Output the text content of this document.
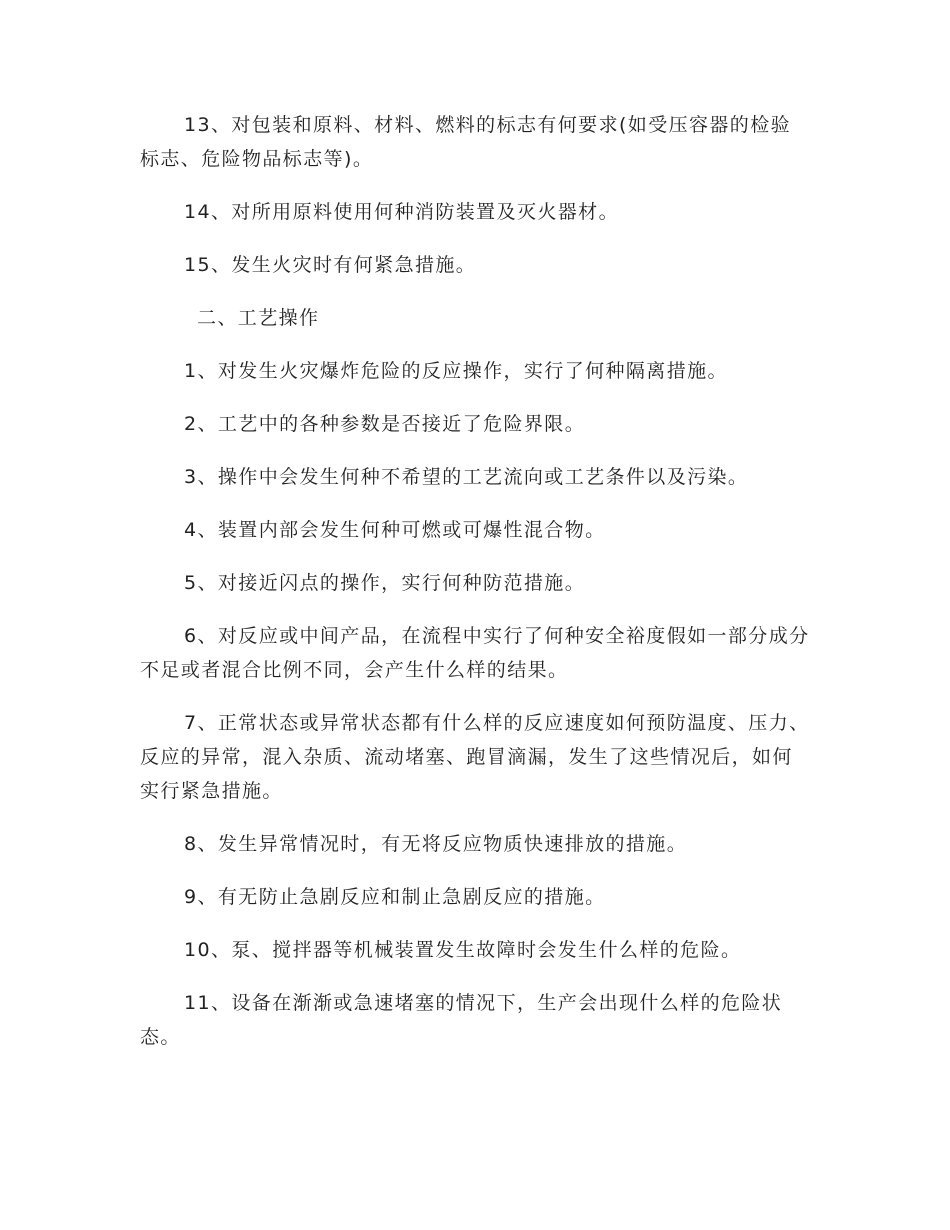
13、对包装和原料、材料、燃料的标志有何要求(如受压容器的检验标志、危险物品标志等)。

14、对所用原料使用何种消防装置及灭火器材。

15、发生火灾时有何紧急措施。

二、工艺操作

1、对发生火灾爆炸危险的反应操作，实行了何种隔离措施。

2、工艺中的各种参数是否接近了危险界限。

3、操作中会发生何种不希望的工艺流向或工艺条件以及污染。

4、装置内部会发生何种可燃或可爆性混合物。

5、对接近闪点的操作，实行何种防范措施。

6、对反应或中间产品，在流程中实行了何种安全裕度假如一部分成分不足或者混合比例不同，会产生什么样的结果。

7、正常状态或异常状态都有什么样的反应速度如何预防温度、压力、反应的异常，混入杂质、流动堵塞、跑冒滴漏，发生了这些情况后，如何实行紧急措施。

8、发生异常情况时，有无将反应物质快速排放的措施。

9、有无防止急剧反应和制止急剧反应的措施。

10、泵、搅拌器等机械装置发生故障时会发生什么样的危险。

11、设备在渐渐或急速堵塞的情况下，生产会出现什么样的危险状态。
